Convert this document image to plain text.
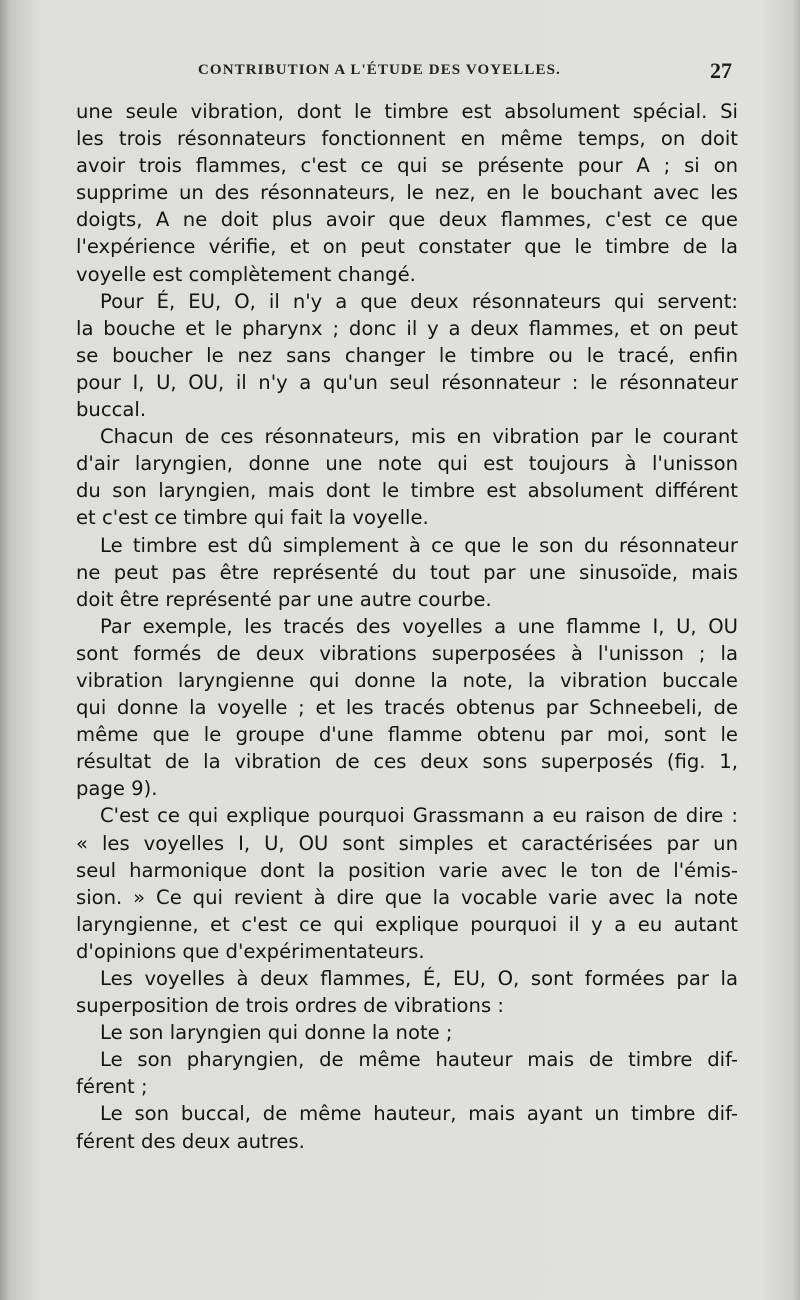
CONTRIBUTION A L'ÉTUDE DES VOYELLES.	27
une seule vibration, dont le timbre est absolument spécial. Si
les trois résonnateurs fonctionnent en même temps, on doit
avoir trois flammes, c'est ce qui se présente pour A ; si on
supprime un des résonnateurs, le nez, en le bouchant avec les
doigts, A ne doit plus avoir que deux flammes, c'est ce que
l'expérience vérifie, et on peut constater que le timbre de la
voyelle est complètement changé.
Pour É, EU, O, il n'y a que deux résonnateurs qui servent:
la bouche et le pharynx ; donc il y a deux flammes, et on peut
se boucher le nez sans changer le timbre ou le tracé, enfin
pour I, U, OU, il n'y a qu'un seul résonnateur : le résonnateur
buccal.
Chacun de ces résonnateurs, mis en vibration par le courant
d'air laryngien, donne une note qui est toujours à l'unisson
du son laryngien, mais dont le timbre est absolument différent
et c'est ce timbre qui fait la voyelle.
Le timbre est dû simplement à ce que le son du résonnateur
ne peut pas être représenté du tout par une sinusoïde, mais
doit être représenté par une autre courbe.
Par exemple, les tracés des voyelles a une flamme I, U, OU
sont formés de deux vibrations superposées à l'unisson ; la
vibration laryngienne qui donne la note, la vibration buccale
qui donne la voyelle ; et les tracés obtenus par Schneebeli, de
même que le groupe d'une flamme obtenu par moi, sont le
résultat de la vibration de ces deux sons superposés (fig. 1,
page 9).
C'est ce qui explique pourquoi Grassmann a eu raison de dire :
« les voyelles I, U, OU sont simples et caractérisées par un
seul harmonique dont la position varie avec le ton de l'émis-
sion. » Ce qui revient à dire que la vocable varie avec la note
laryngienne, et c'est ce qui explique pourquoi il y a eu autant
d'opinions que d'expérimentateurs.
Les voyelles à deux flammes, É, EU, O, sont formées par la
superposition de trois ordres de vibrations :
Le son laryngien qui donne la note ;
Le son pharyngien, de même hauteur mais de timbre dif-
férent ;
Le son buccal, de même hauteur, mais ayant un timbre dif-
férent des deux autres.
